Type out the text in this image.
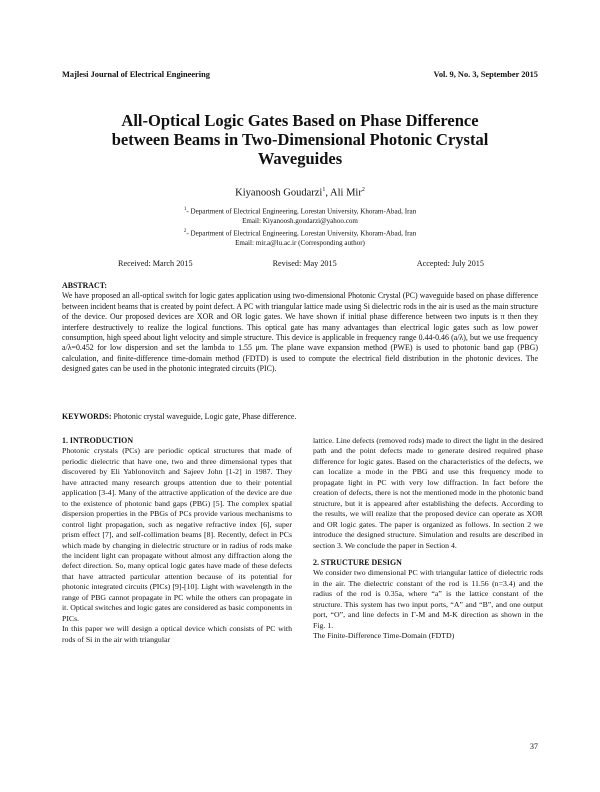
Majlesi Journal of Electrical Engineering	Vol. 9, No. 3, September 2015
All-Optical Logic Gates Based on Phase Difference
between Beams in Two-Dimensional Photonic Crystal
Waveguides
Kiyanoosh Goudarzi$^1$, Ali Mir$^2$
$^1$- Department of Electrical Engineering, Lorestan University, Khoram-Abad, Iran
Email: Kiyanoosh.goudarzi@yahoo.com
$^2$- Department of Electrical Engineering, Lorestan University, Khoram-Abad, Iran
Email: mir.a@lu.ac.ir (Corresponding author)
Received: March 2015	Revised: May 2015	Accepted: July 2015
ABSTRACT:
We have proposed an all-optical switch for logic gates application using two-dimensional Photonic Crystal (PC) waveguide based on phase difference between incident beams that is created by point defect. A PC with triangular lattice made using Si dielectric rods in the air is used as the main structure of the device. Our proposed devices are XOR and OR logic gates. We have shown if initial phase difference between two inputs is π then they interfere destructively to realize the logical functions. This optical gate has many advantages than electrical logic gates such as low power consumption, high speed about light velocity and simple structure. This device is applicable in frequency range 0.44-0.46 (a/λ), but we use frequency a/λ=0.452 for low dispersion and set the lambda to 1.55 μm. The plane wave expansion method (PWE) is used to photonic band gap (PBG) calculation, and finite-difference time-domain method (FDTD) is used to compute the electrical field distribution in the photonic devices. The designed gates can be used in the photonic integrated circuits (PIC).
KEYWORDS: Photonic crystal waveguide, Logic gate, Phase difference.
1. INTRODUCTION
Photonic crystals (PCs) are periodic optical structures that made of periodic dielectric that have one, two and three dimensional types that discovered by Eli Yablonovitch and Sajeev John [1-2] in 1987. They have attracted many research groups attention due to their potential application [3-4]. Many of the attractive application of the device are due to the existence of photonic band gaps (PBG) [5]. The complex spatial dispersion properties in the PBGs of PCs provide various mechanisms to control light propagation, such as negative refractive index [6], super prism effect [7], and self-collimation beams [8]. Recently, defect in PCs which made by changing in dielectric structure or in radius of rods make the incident light can propagate without almost any diffraction along the defect direction. So, many optical logic gates have made of these defects that have attracted particular attention because of its potential for photonic integrated circuits (PICs) [9]-[10]. Light with wavelength in the range of PBG cannot propagate in PC while the others can propagate in it. Optical switches and logic gates are considered as basic components in PICs.
In this paper we will design a optical device which consists of PC with rods of Si in the air with triangular
lattice. Line defects (removed rods) made to direct the light in the desired path and the point defects made to generate desired required phase difference for logic gates. Based on the characteristics of the defects, we can localize a mode in the PBG and use this frequency mode to propagate light in PC with very low diffraction. In fact before the creation of defects, there is not the mentioned mode in the photonic band structure, but it is appeared after establishing the defects. According to the results, we will realize that the proposed device can operate as XOR and OR logic gates. The paper is organized as follows. In section 2 we introduce the designed structure. Simulation and results are described in section 3. We conclude the paper in Section 4.
2. STRUCTURE DESIGN
We consider two dimensional PC with triangular lattice of dielectric rods in the air. The dielectric constant of the rod is 11.56 (n=3.4) and the radius of the rod is 0.35a, where “a” is the lattice constant of the structure. This system has two input ports, “A” and “B”, and one output port, “O”, and line defects in Γ-M and M-K direction as shown in the Fig. 1.
The Finite-Difference Time-Domain (FDTD)
37
